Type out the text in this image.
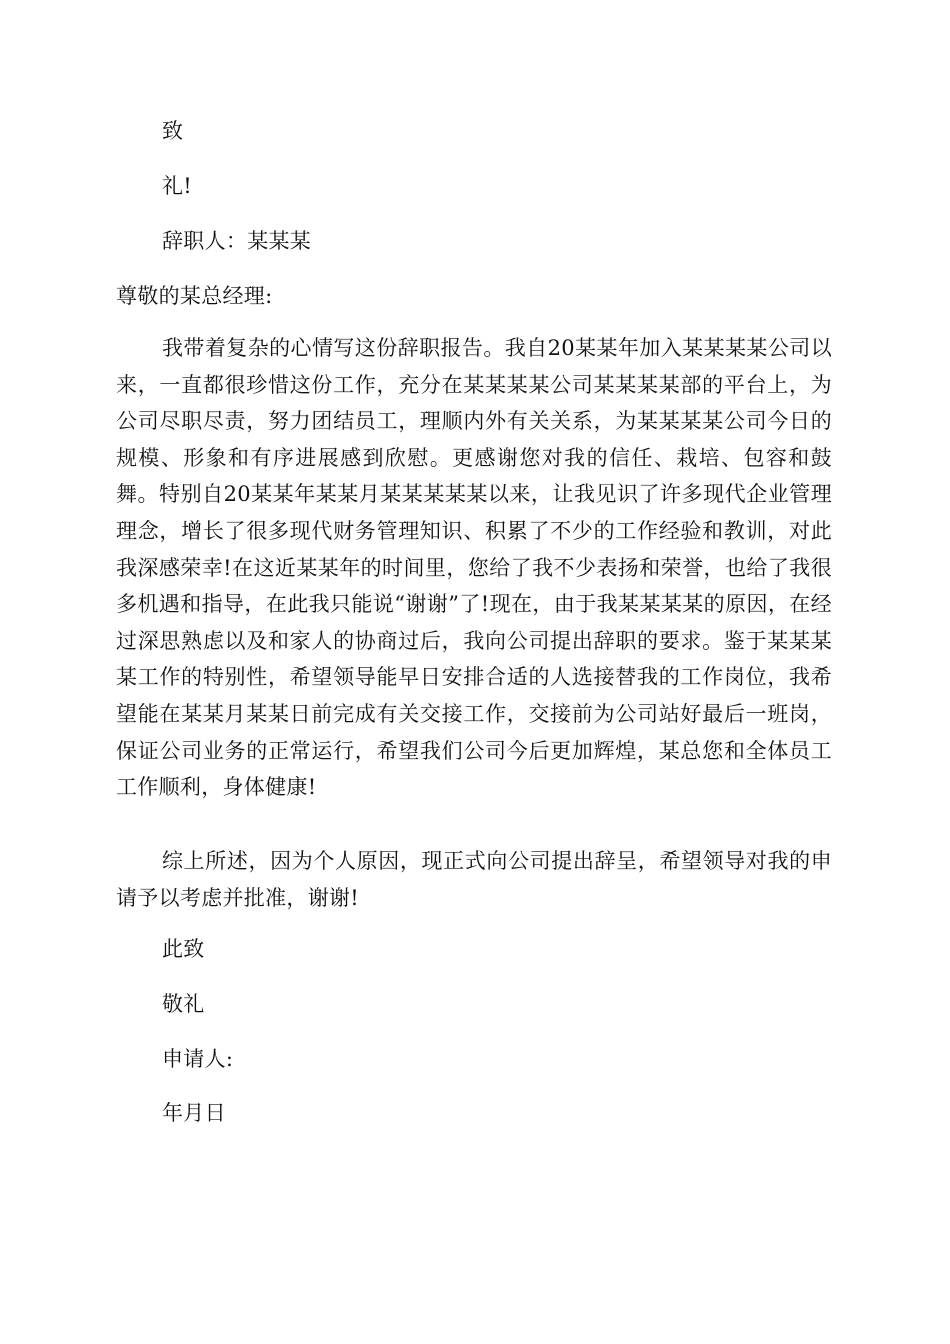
致
礼!
辞职人：某某某
尊敬的某总经理:
我带着复杂的心情写这份辞职报告。我自20某某年加入某某某某公司以来，一直都很珍惜这份工作，充分在某某某某公司某某某某部的平台上，为公司尽职尽责，努力团结员工，理顺内外有关关系，为某某某某公司今日的规模、形象和有序进展感到欣慰。更感谢您对我的信任、栽培、包容和鼓舞。特别自20某某年某某月某某某某某以来，让我见识了许多现代企业管理理念，增长了很多现代财务管理知识、积累了不少的工作经验和教训，对此我深感荣幸!在这近某某年的时间里，您给了我不少表扬和荣誉，也给了我很多机遇和指导，在此我只能说“谢谢”了!现在，由于我某某某某的原因，在经过深思熟虑以及和家人的协商过后，我向公司提出辞职的要求。鉴于某某某某工作的特别性，希望领导能早日安排合适的人选接替我的工作岗位，我希望能在某某月某某日前完成有关交接工作，交接前为公司站好最后一班岗，保证公司业务的正常运行，希望我们公司今后更加辉煌，某总您和全体员工工作顺利，身体健康!
综上所述，因为个人原因，现正式向公司提出辞呈，希望领导对我的申请予以考虑并批准，谢谢!
此致
敬礼
申请人:
年月日
